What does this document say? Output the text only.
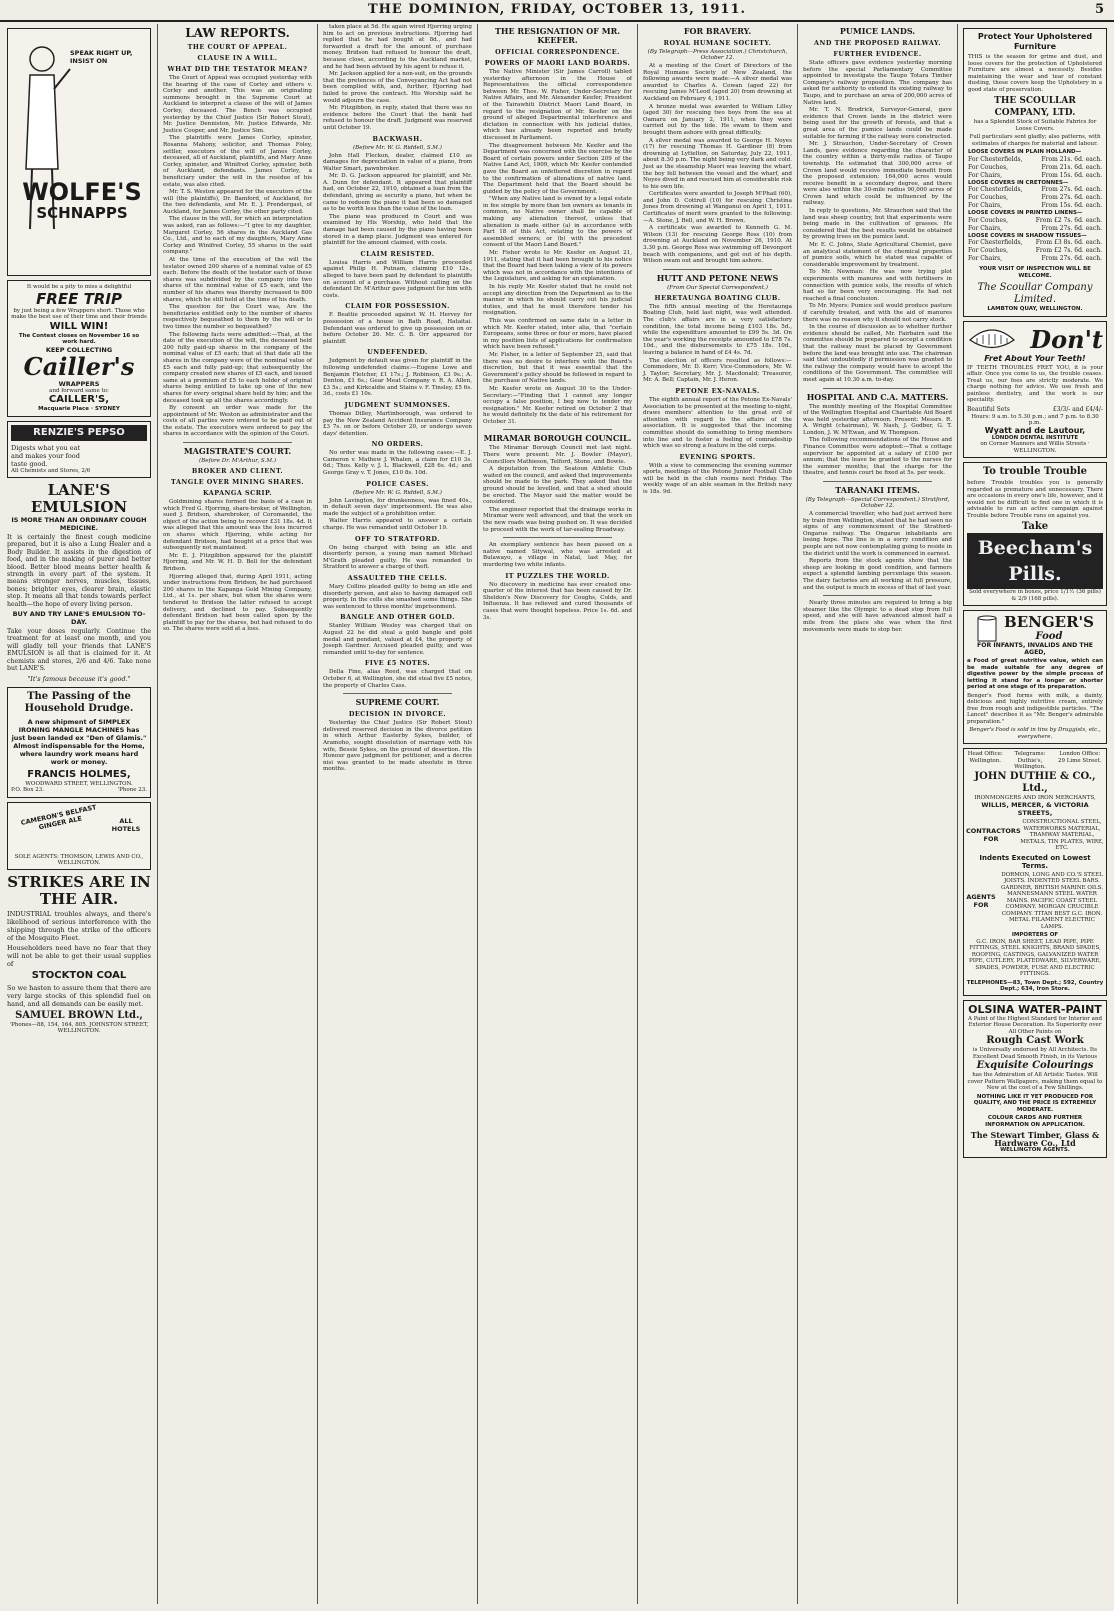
THE DOMINION, FRIDAY, OCTOBER 13, 1911.	5
SPEAK RIGHT UP,
INSIST ON
WOLFE'S
SCHNAPPS
It would be a pity to miss a delightful
FREE TRIP
by just being a few Wrappers short. Those who make the best use of their time and their friends
WILL WIN!
The Contest closes on November 16 so work hard.
KEEP COLLECTING
Cailler's
WRAPPERS
and forward same to:
CAILLER'S,
Macquarie Place · SYDNEY
RENZIE'S PEPSO
Digests what you eat and makes your food taste good.
All Chemists and Stores, 2/6
LANE'S EMULSION
IS MORE THAN AN ORDINARY COUGH MEDICINE.

It is certainly the finest cough medicine prepared, but it is also a Lung Healer and a Body Builder. It assists in the digestion of food, and in the making of purer and better blood. Better blood means better health & strength in every part of the system. It means stronger nerves, muscles, tissues, bones; brighter eyes, clearer brain, elastic step. It means all that tends towards perfect health—the hope of every living person.

BUY AND TRY LANE'S EMULSION TO-DAY.

Take your doses regularly. Continue the treatment for at least one month, and you will gladly tell your friends that LANE'S EMULSION is all that is claimed for it. At chemists and stores, 2/6 and 4/6. Take none but LANE'S.

"It's famous because it's good."
The Passing of the Household Drudge.
A new shipment of SIMPLEX IRONING MANGLE MACHINES has just been landed ex "Den of Glamis." Almost indispensable for the Home, where laundry work means hard work or money.
FRANCIS HOLMES,
WOODWARD STREET, WELLINGTON.
P.O. Box 23.	'Phone 23.
CAMERON'S BELFAST GINGER ALE	ALL HOTELS
SOLE AGENTS: THOMSON, LEWIS AND CO., WELLINGTON.
STRIKES ARE IN THE AIR.

INDUSTRIAL troubles always, and there's likelihood of serious interference with the shipping through the strike of the officers of the Mosquito Fleet.

Householders need have no fear that they will not be able to get their usual supplies of

STOCKTON COAL

So we hasten to assure them that there are very large stocks of this splendid fuel on hand, and all demands can be easily met.

SAMUEL BROWN Ltd.,
'Phones—88, 154, 164, 805. JOHNSTON STREET, WELLINGTON.
LAW REPORTS.
THE COURT OF APPEAL.
CLAUSE IN A WILL.
WHAT DID THE TESTATOR MEAN?

The Court of Appeal was occupied yesterday with the hearing of the case of Corley and others v. Corley and another. This was an originating summons brought in the Supreme Court at Auckland to interpret a clause of the will of James Corley, deceased. The Bench was occupied yesterday by the Chief Justice (Sir Robert Stout), Mr. Justice Denniston, Mr. Justice Edwards, Mr. Justice Cooper, and Mr. Justice Sim.

The plaintiffs were James Corley, spinster, Rosanna Mahony, solicitor, and Thomas Foley, settler, executors of the will of James Corley, deceased, all of Auckland, plaintiffs, and Mary Anne Corley, spinster, and Winifred Corley, spinster, both of Auckland, defendants. James Corley, a beneficiary under the will in the residue of his estate, was also cited.

Mr. T. S. Weston appeared for the executors of the will (the plaintiffs), Dr. Bamford, of Auckland, for the two defendants, and Mr. E. J. Prendergast, of Auckland, for James Corley, the other party cited.

The clause in the will, for which an interpretation was asked, ran as follows:—"I give to my daughter, Margaret Corley, 56 shares in the Auckland Gas Co., Ltd., and to each of my daughters, Mary Anne Corley and Winifred Corley, 55 shares in the said company."

At the time of the execution of the will the testator owned 200 shares of a nominal value of £5 each. Before the death of the testator each of these shares was subdivided by the company into two shares of the nominal value of £5 each, and the number of his shares was thereby increased to 800 shares, which he still held at the time of his death.

The question for the Court was, Are the beneficiaries entitled only to the number of shares respectively bequeathed to them by the will or to two times the number so bequeathed?

The following facts were admitted:—That, at the date of the execution of the will, the deceased held 200 fully paid-up shares in the company of the nominal value of £5 each; that at that date all the shares in the company were of the nominal value of £5 each and fully paid-up; that subsequently the company created new shares of £5 each, and issued same at a premium of £5 to each holder of original shares being entitled to take up one of the new shares for every original share held by him; and the deceased took up all the shares accordingly.

By consent an order was made for the appointment of Mr. Weston as administrator and the costs of all parties were ordered to be paid out of the estate. The executors were ordered to pay the shares in accordance with the opinion of the Court.

MAGISTRATE'S COURT.
(Before Dr. M'Arthur, S.M.)
BROKER AND CLIENT.
TANGLE OVER MINING SHARES.
KAPANGA SCRIP.

Goldmining shares formed the basis of a case in which Fred G. Hjorring, share-broker, of Wellington, sued J. Bridson, sharebroker, of Coromandel, the object of the action being to recover £31 18s. 4d. It was alleged that this amount was the loss incurred on shares which Hjorring, while acting for defendant Bridson, had bought at a price that was subsequently not maintained.

Mr. E. J. Fitzgibbon appeared for the plaintiff Hjorring, and Mr. W. H. D. Bell for the defendant Bridson.

Hjorring alleged that, during April 1911, acting under instructions from Bridson, he had purchased 200 shares in the Kapanga Gold Mining Company, Ltd., at 1s. per share, but when the shares were tendered to Bridson the latter refused to accept delivery, and declined to pay. Subsequently defendant Bridson had been called upon by the plaintiff to pay for the shares, but had refused to do so. The shares were sold at a loss.

taken place at 5d. He again wired Hjorring urging him to act on previous instructions. Hjorring had replied that he had bought at 8d., and had forwarded a draft for the amount of purchase money. Bridson had refused to honour the draft, because close, according to the Auckland market, and he had been advised by his agent to refuse it.

Mr. Jackson applied for a non-suit, on the grounds that the pretences of the Conveyancing Act had not been complied with, and, further, Hjorring had failed to prove the contract. His Worship said he would adjourn the case.

Mr. Fitzgibbon, in reply, stated that there was no evidence before the Court that the bank had refused to honour the draft. Judgment was reserved until October 19.

BACKWASH.
(Before Mr. W. G. Riddell, S.M.)

John Hall Fleckon, dealer, claimed £10 as damages for depreciation in value of a piano, from Walter Smart, pawnbroker.

Mr. D. G. Jackson appeared for plaintiff, and Mr. A. Dunn for defendant. It appeared that plaintiff had, on October 22, 1910, obtained a loan from the defendant, giving as security a piano, but when he came to redeem the piano it had been so damaged as to be worth less than the value of the loan.

The piano was produced in Court and was examined by His Worship, who held that the damage had been caused by the piano having been stored in a damp place. Judgment was entered for plaintiff for the amount claimed, with costs.

CLAIM RESISTED.

Louisa Harris and William Harris proceeded against Philip H. Putnam, claiming £10 12s., alleged to have been paid by defendant to plaintiffs on account of a purchase. Without calling on the defendant Dr. M'Arthur gave judgment for him with costs.

CLAIM FOR POSSESSION.

F. Beattie proceeded against W. H. Hervey for possession of a house in Bath Road, Hataitai. Defendant was ordered to give up possession on or before October 26. Mr. C. B. Orr appeared for plaintiff.

UNDEFENDED.

Judgment by default was given for plaintiff in the following undefended claims:—Eugene Lowe and Benjamin Fletcher, £1 17s.; J. Robinson, £3 9s.; A. Denton, £1 6s.; Gear Meat Company v. R. A. Allen, £3 5s.; and Kirkcaldie and Stains v. F. Tinsley, £5 6s. 3d., costs £1 10s.

JUDGMENT SUMMONSES.

Thomas Dilley, Martinborough, was ordered to pay the New Zealand Accident Insurance Company £3 7s. on or before October 20, or undergo seven days' detention.

NO ORDERS.

No order was made in the following cases:—E. J. Cameron v. Mathew J. Whalen, a claim for £10 3s. 6d.; Thos. Kelly v. J. L. Blackwell, £28 6s. 4d.; and George Gray v. T. Jones, £10 8s. 10d.

POLICE CASES.
(Before Mr. W. G. Riddell, S.M.)

John Lavington, for drunkenness, was fined 40s., in default seven days' imprisonment. He was also made the subject of a prohibition order.

Walter Harris appeared to answer a certain charge. He was remanded until October 19.

OFF TO STRATFORD.

On being charged with being an idle and disorderly person, a young man named Michael M'Grath pleaded guilty. He was remanded to Stratford to answer a charge of theft.

ASSAULTED THE CELLS.

Mary Collins pleaded guilty to being an idle and disorderly person, and also to having damaged cell property. In the cells she smashed some things. She was sentenced to three months' imprisonment.

BANGLE AND OTHER GOLD.

Stanley William Wesley was charged that on August 22 he did steal a gold bangle and gold medal and pendant, valued at £4, the property of Joseph Gardner. Accused pleaded guilty, and was remanded until to-day for sentence.

FIVE £5 NOTES.

Della Fine, alias Reed, was charged that on October 6, at Wellington, she did steal five £5 notes, the property of Charles Cass.

SUPREME COURT.
DECISION IN DIVORCE.

Yesterday the Chief Justice (Sir Robert Stout) delivered reserved decision in the divorce petition in which Arthur Easterby Sykes, builder, of Aramoho, sought dissolution of marriage with his wife, Bessie Sykes, on the ground of desertion. His Honour gave judgment for petitioner, and a decree nisi was granted to be made absolute in three months.

THE RESIGNATION OF MR. KEEFER.
OFFICIAL CORRESPONDENCE.
POWERS OF MAORI LAND BOARDS.

The Native Minister (Sir James Carroll) tabled yesterday afternoon in the House of Representatives the official correspondence between Mr. Thos. W. Fisher, Under-Secretary for Native Affairs, and Mr. Alexander Keefer, President of the Tairawhiti District Maori Land Board, in regard to the resignation of Mr. Keefer on the ground of alleged Departmental interference and dictation in connection with his judicial duties, which has already been reported and briefly discussed in Parliament.

The disagreement between Mr. Keefer and the Department was concerned with the exercise by the Board of certain powers under Section 209 of the Native Land Act, 1909, which Mr. Keefer contended gave the Board an unfettered discretion in regard to the confirmation of alienations of native land. The Department held that the Board should be guided by the policy of the Government.

"When any Native land is owned by a legal estate in fee simple by more than ten owners as tenants in common, no Native owner shall be capable of making any alienation thereof, unless that alienation is made either (a) in accordance with Part 18 of this Act, relating to the powers of assembled owners; or (b) with the precedent consent of the Maori Land Board."

Mr. Fisher wrote to Mr. Keefer on August 21, 1911, stating that it had been brought to his notice that the Board had been taking a view of its powers which was not in accordance with the intentions of the Legislature, and asking for an explanation.

In his reply Mr. Keefer stated that he could not accept any direction from the Department as to the manner in which he should carry out his judicial duties, and that he must therefore tender his resignation.

This was confirmed on same date in a letter in which Mr. Keefer stated, inter alia, that "certain Europeans, some three or four or more, have placed in my position lists of applications for confirmation which have been refused."

Mr. Fisher, in a letter of September 25, said that there was no desire to interfere with the Board's discretion, but that it was essential that the Government's policy should be followed in regard to the purchase of Native lands.

Mr. Keefer wrote on August 30 to the Under-Secretary:—"Finding that I cannot any longer occupy a false position, I beg now to tender my resignation." Mr. Keefer retired on October 2 that he would definitely fix the date of his retirement for October 31.

MIRAMAR BOROUGH COUNCIL.

The Miramar Borough Council met last night. There were present: Mr. J. Bowler (Mayor), Councillors Mathieson, Telford, Stone, and Bowie.

A deputation from the Seatoun Athletic Club waited on the council, and asked that improvements should be made to the park. They asked that the ground should be levelled, and that a shed should be erected. The Mayor said the matter would be considered.

The engineer reported that the drainage works in Miramar were well advanced, and that the work on the new roads was being pushed on. It was decided to proceed with the work of tar-sealing Broadway.

An exemplary sentence has been passed on a native named Sitywal, who was arrested at Bulawayo, a village in Natal, last May, for murdering two white infants.

IT PUZZLES THE WORLD.

No discovery in medicine has ever created one-quarter of the interest that has been caused by Dr. Sheldon's New Discovery for Coughs, Colds, and Influenza. It has relieved and cured thousands of cases that were thought hopeless. Price 1s. 6d. and 3s.

FOR BRAVERY.
ROYAL HUMANE SOCIETY.
(By Telegraph—Press Association.) Christchurch, October 12.

At a meeting of the Court of Directors of the Royal Humane Society of New Zealand, the following awards were made:—A silver medal was awarded to Charles A. Cowan (aged 22) for rescuing James M'Leod (aged 20) from drowning at Auckland on February 4, 1911.

A bronze medal was awarded to William Lilley (aged 30) for rescuing two boys from the sea at Oamaru on January 2, 1911, when they were carried out by the tide. He swam to them and brought them ashore with great difficulty.

A silver medal was awarded to George H. Noyes (17) for rescuing Thomas H. Gardiner (8) from drowning at Lyttelton, on Saturday, July 22, 1911, about 8.30 p.m. The night being very dark and cold. Just as the steamship Maori was leaving the wharf, the boy fell between the vessel and the wharf, and Noyes dived in and rescued him at considerable risk to his own life.

Certificates were awarded to Joseph M'Phail (60), and John D. Cottrell (10) for rescuing Christina Jones from drowning at Wanganui on April 1, 1911. Certificates of merit were granted to the following:—A. Stone, J. Bell, and W. H. Brown.

A certificate was awarded to Kenneth G. M. Wilson (13) for rescuing George Ross (10) from drowning at Auckland on November 26, 1910. At 3.30 p.m. George Ross was swimming off Devonport beach with companions, and got out of his depth. Wilson swam out and brought him ashore.

HUTT AND PETONE NEWS
(From Our Special Correspondent.)
HERETAUNGA BOATING CLUB.

The fifth annual meeting of the Heretaunga Boating Club, held last night, was well attended. The club's affairs are in a very satisfactory condition, the total income being £103 18s. 5d., while the expenditure amounted to £99 5s. 3d. On the year's working the receipts amounted to £78 7s. 10d., and the disbursements to £75 18s. 10d., leaving a balance in hand of £4 4s. 7d.

The election of officers resulted as follows:—Commodore, Mr. D. Kerr; Vice-Commodore, Mr. W. J. Taylor; Secretary, Mr. J. Macdonald; Treasurer, Mr. A. Bell; Captain, Mr. J. Heron.

PETONE EX-NAVALS.

The eighth annual report of the Petone Ex-Navals' Association to be presented at the meeting to-night, draws members' attention to the great evil of attention with regard to the affairs of the association. It is suggested that the incoming committee should do something to bring members into line and to foster a feeling of comradeship which was so strong a feature in the old corps.

EVENING SPORTS.

With a view to commencing the evening summer sports, meetings of the Petone Junior Football Club will be held in the club rooms next Friday. The weekly wage of an able seaman in the British navy is 18s. 9d.

PUMICE LANDS.
AND THE PROPOSED RAILWAY.
FURTHER EVIDENCE.

State officers gave evidence yesterday morning before the special Parliamentary Committee appointed to investigate the Taupo Totara Timber Company's railway proposition. The company has asked for authority to extend its existing railway to Taupo, and to purchase an area of 200,000 acres of Native land.

Mr. T. N. Brodrick, Surveyor-General, gave evidence that Crown lands in the district were being used for the growth of forests, and that a great area of the pumice lands could be made suitable for farming if the railway were constructed.

Mr. J. Strauchon, Under-Secretary of Crown Lands, gave evidence regarding the character of the country within a thirty-mile radius of Taupo township. He estimated that 300,000 acres of Crown land would receive immediate benefit from the proposed extension; 164,000 acres would receive benefit in a secondary degree, and there were also within the 30-mile radius 90,000 acres of Crown land which could be influenced by the railway.

In reply to questions, Mr. Strauchon said that the land was sheep country, but that experiments were being made in the cultivation of grasses. He considered that the best results would be obtained by growing trees on the pumice land.

Mr. E. C. Johns, State Agricultural Chemist, gave an analytical statement of the chemical properties of pumice soils, which he stated was capable of considerable improvement by treatment.

To Mr. Newman: He was now trying plot experiments with manures and with fertilisers in connection with pumice soils, the results of which had so far been very encouraging. He had not reached a final conclusion.

To Mr. Myers: Pumice soil would produce pasture if carefully treated, and with the aid of manures there was no reason why it should not carry stock.

In the course of discussion as to whether further evidence should be called, Mr. Fairbairn said the committee should be prepared to accept a condition that the railway must be placed by Government before the land was brought into use. The chairman said that undoubtedly if permission was granted to the railway the company would have to accept the conditions of the Government. The committee will meet again at 10.30 a.m. to-day.

HOSPITAL AND C.A. MATTERS.

The monthly meeting of the Hospital Committee of the Wellington Hospital and Charitable Aid Board was held yesterday afternoon. Present: Messrs. R. A. Wright (chairman), W. Nash, J. Godber, G. T. London, J. W. M'Ewan, and W. Thompson.

The following recommendations of the House and Finance Committee were adopted:—That a cottage supervisor be appointed at a salary of £100 per annum; that the leave be granted to the nurses for the summer months; that the charge for the theatre, and tennis court be fixed at 5s. per week.

TARANAKI ITEMS.
(By Telegraph—Special Correspondent.) Stratford, October 12.

A commercial traveller, who had just arrived here by train from Wellington, stated that he had seen no signs of any commencement of the Stratford-Ongarue railway. The Ongarue inhabitants are losing hope. The line is in a sorry condition and people are not now contemplating going to reside in the district until the work is commenced in earnest.

Reports from the stock agents show that the sheep are looking in good condition, and farmers expect a splendid lambing percentage this season. The dairy factories are all working at full pressure, and the output is much in excess of that of last year.

Nearly three minutes are required to bring a big steamer like the Olympic to a dead stop from full speed, and she will have advanced almost half a mile from the place she was when the first movements were made to stop her.

Protect Your Upholstered Furniture

THIS is the season for grime and dust, and loose covers for the protection of Upholstered Furniture are almost a necessity. Besides maintaining the wear and tear of constant dusting, these covers keep the Upholstery in a good state of preservation.

THE SCOULLAR COMPANY, LTD.
has a Splendid Stock of Suitable Fabrics for Loose Covers.
Full particulars sent gladly; also patterns, with estimates of charges for material and labour.
LOOSE COVERS IN PLAIN HOLLAND—
For Chesterfields,	From 21s. 6d. each.
For Couches,	From 21s. 6d. each.
For Chairs,	From 15s. 6d. each.
LOOSE COVERS IN CRETONNES—
For Chesterfields,	From 27s. 6d. each.
For Couches,	From 27s. 6d. each.
For Chairs,	From 15s. 6d. each.
LOOSE COVERS IN PRINTED LINENS—
For Couches,	From £2 7s. 6d. each.
For Chairs,	From 27s. 6d. each.
LOOSE COVERS IN SHADOW TISSUES—
For Chesterfields, From £3 8s. 6d. each.
For Couches,	From £2 7s. 6d. each.
For Chairs,	From 27s. 6d. each.
YOUR VISIT OF INSPECTION WILL BE WELCOME.
The Scoullar Company Limited.
LAMBTON QUAY, WELLINGTON.
Don't
Fret About Your Teeth!

IF TEETH TROUBLES FRET YOU, it is your affair. Once you come to us, the trouble ceases. Treat us, our fees are strictly moderate. We charge nothing for advice. We use fresh and painless dentistry, and the work is our speciality.

Beautiful Sets	£3/3/- and £4/4/-
Hours: 9 a.m. to 5.30 p.m.; and 7 p.m. to 8.30 p.m.
Wyatt and de Lautour,
LONDON DENTAL INSTITUTE
on Corner Manners and Willis Streets · WELLINGTON.
To trouble Trouble

before Trouble troubles you is generally regarded as premature and unnecessary. There are occasions in every one's life, however, and it would not be difficult to find one in which it is advisable to run an active campaign against Trouble before Trouble runs on against you.

Take
Beecham's Pills.
Sold everywhere in boxes, price 1/1½ (36 pills) & 2/9 (168 pills).
BENGER'S
Food
FOR INFANTS, INVALIDS AND THE AGED,

a Food of great nutritive value, which can be made suitable for any degree of digestive power by the simple process of letting it stand for a longer or shorter period at one stage of its preparation.

Benger's Food forms with milk, a dainty, delicious and highly nutritive cream, entirely free from rough and indigestible particles. "The Lancet" describes it as "Mr. Benger's admirable preparation."

Benger's Food is sold in tins by Druggists, etc., everywhere.
Head Office: Wellington.
Telegrams: Duthie's, Wellington.
London Office: 29 Lime Street.
JOHN DUTHIE & CO., Ltd.,
IRONMONGERS AND IRON MERCHANTS,
WILLIS, MERCER, & VICTORIA STREETS,
CONTRACTORS FOR
CONSTRUCTIONAL STEEL, WATERWORKS MATERIAL, TRAMWAY MATERIAL, METALS, TIN PLATES, WIRE, ETC.
Indents Executed on Lowest Terms.
AGENTS FOR
DORMON, LONG AND CO.'S STEEL JOISTS. INDENTED STEEL BARS. GARDNER, BRITISH MARINE OILS. MANNESMANN STEEL WATER MAINS. PACIFIC COAST STEEL COMPANY. MORGAN CRUCIBLE COMPANY. TITAN BEST G.C. IRON. METAL FILAMENT ELECTRIC LAMPS.
IMPORTERS OF
G.C. IRON, BAR SHEET, LEAD PIPE, PIPE FITTINGS, STEEL KNIGHTS, BRAND SPADES, ROOFING, CASTINGS, GALVANIZED WATER PIPE, CUTLERY, PLATEDWARE, SILVERWARE, SPADES, POWDER, FUSE AND ELECTRIC FITTINGS.
TELEPHONES—83, Town Dept.; 592, Country Dept.; 634, Iron Store.
OLSINA WATER-PAINT
A Paint of the Highest Standard for Interior and Exterior House Decoration. Its Superiority over All Other Paints on
Rough Cast Work
is Universally endorsed by All Architects. Its Excellent Dead Smooth Finish, in its Various
Exquisite Colourings
has the Admiration of All Artistic Tastes. Will cover Pattern Wallpapers, making them equal to New at the cost of a Few Shillings.
NOTHING LIKE IT YET PRODUCED FOR QUALITY, AND THE PRICE IS EXTREMELY MODERATE.
COLOUR CARDS AND FURTHER INFORMATION ON APPLICATION.
The Stewart Timber, Glass & Hardware Co., Ltd
WELLINGTON AGENTS.
